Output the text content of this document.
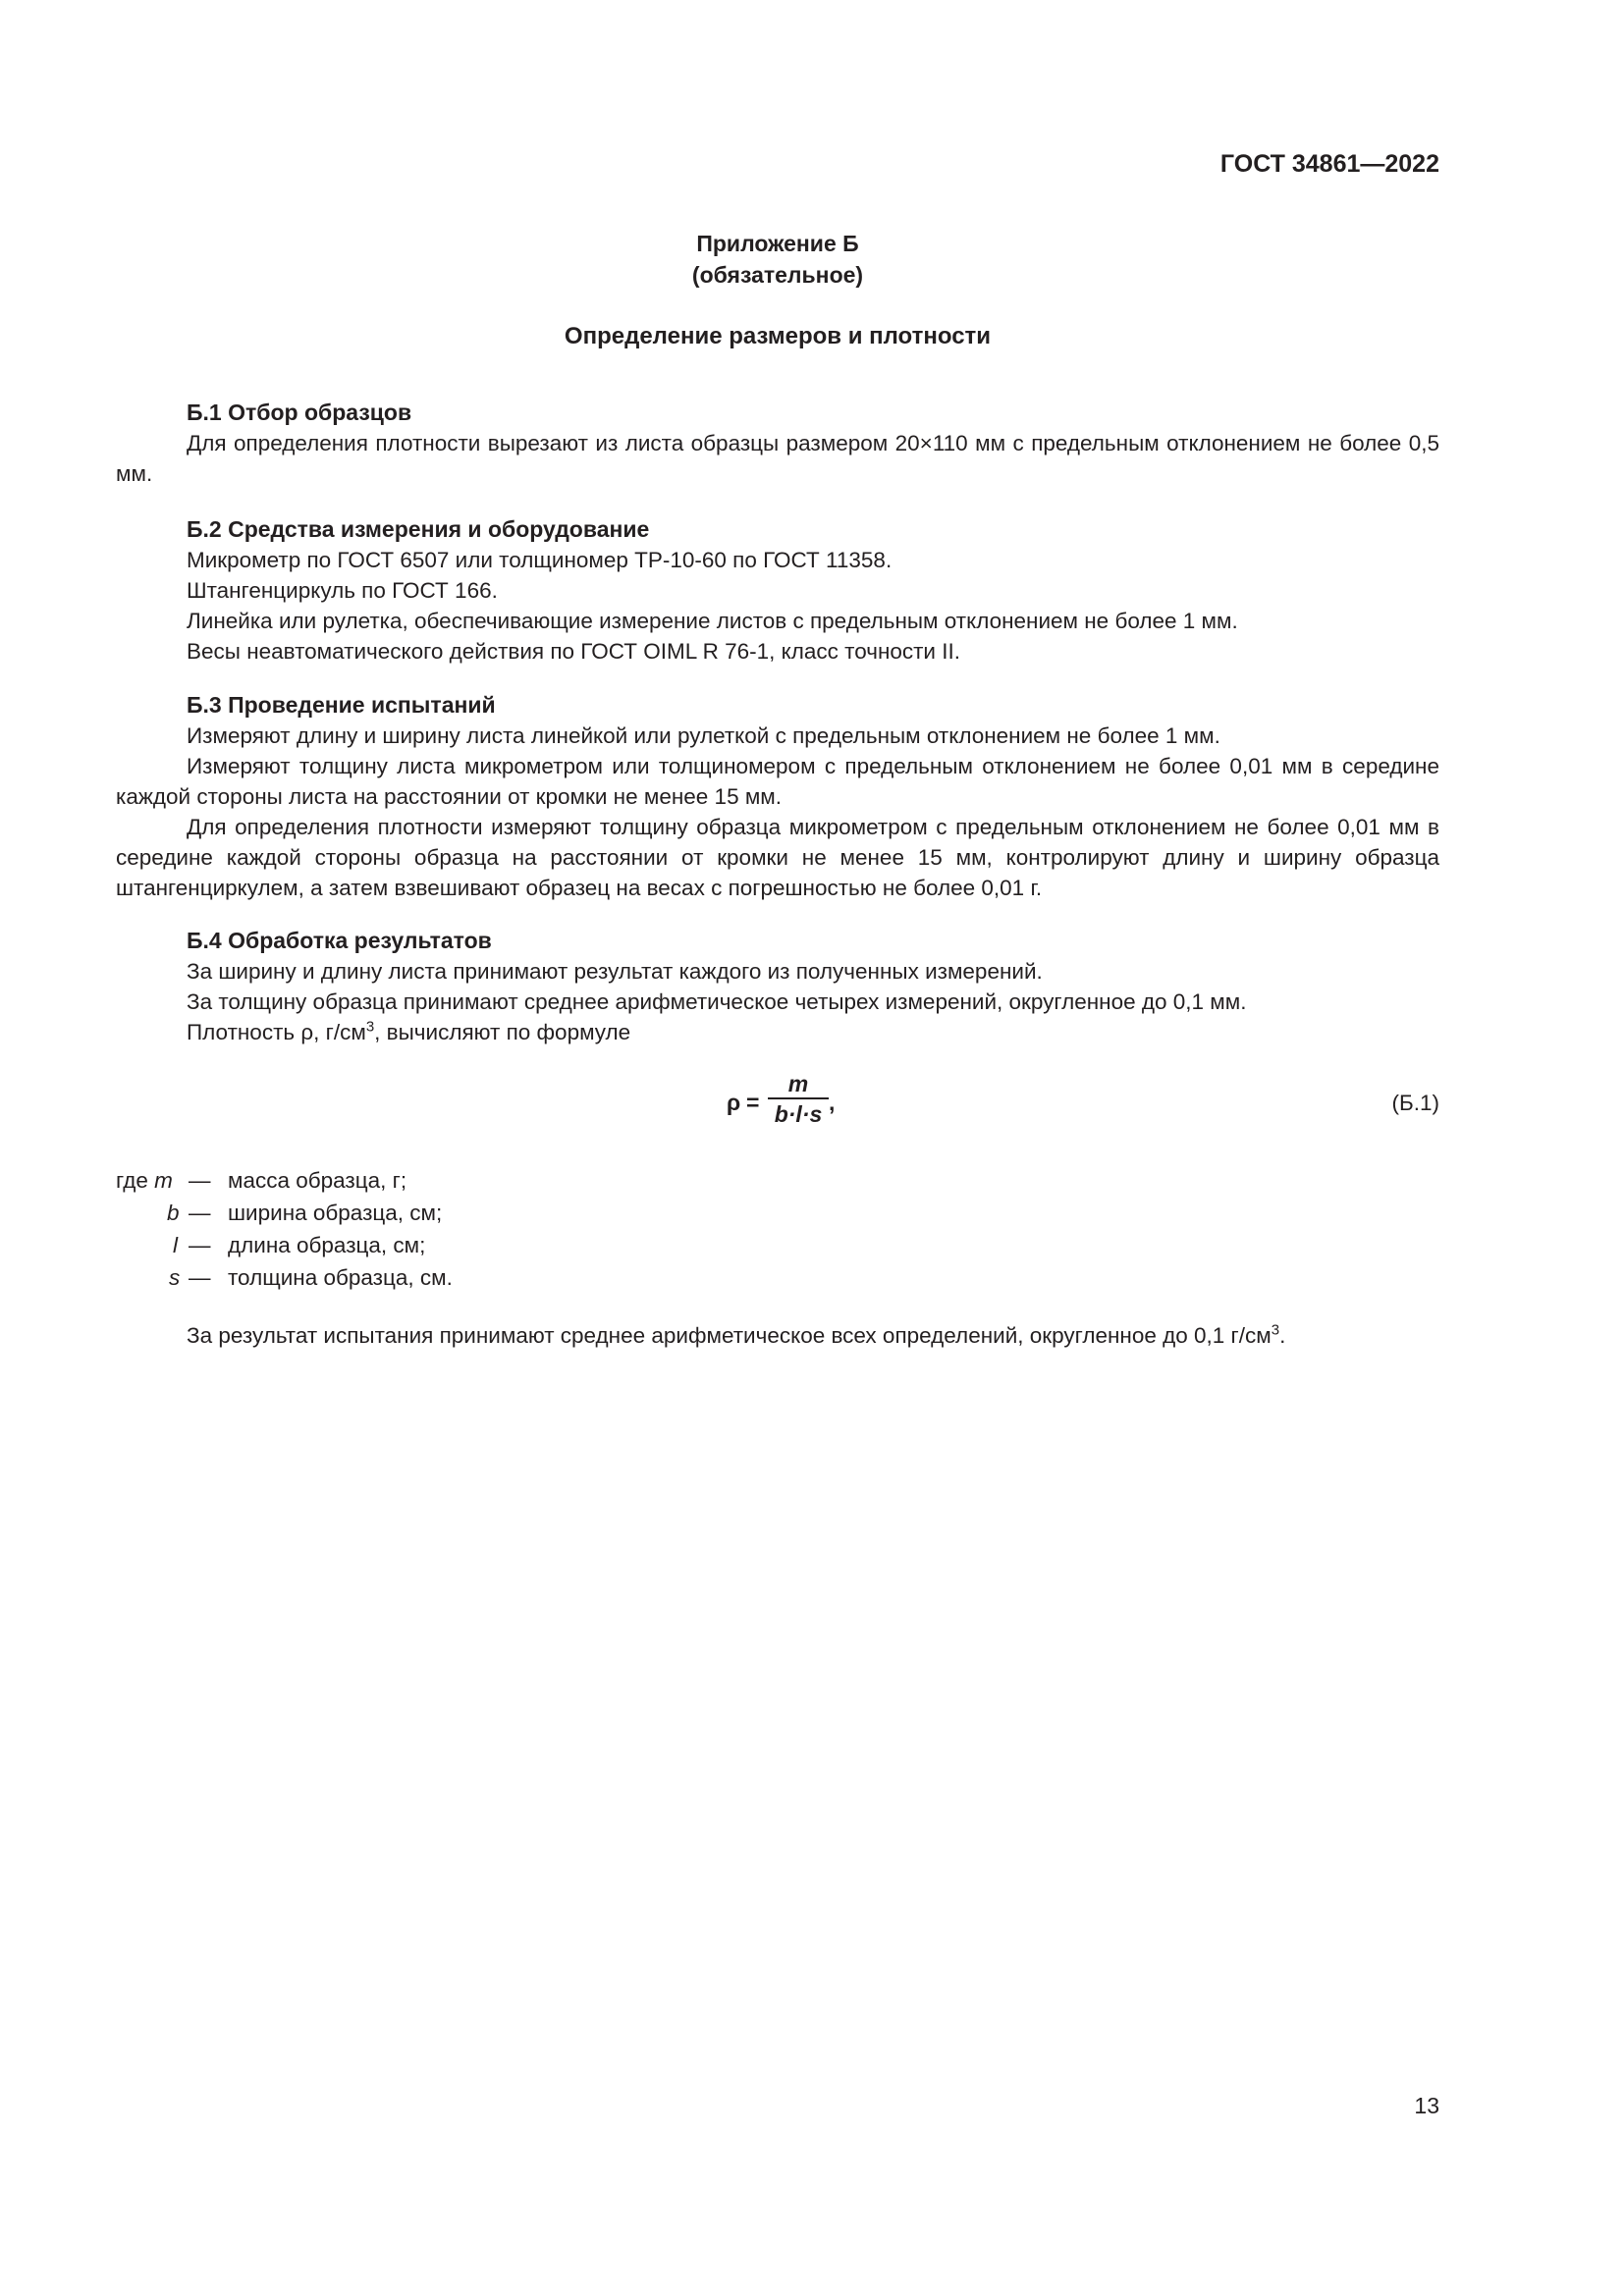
ГОСТ 34861—2022
Приложение Б
(обязательное)
Определение размеров и плотности
Б.1 Отбор образцов

Для определения плотности вырезают из листа образцы размером 20×110 мм с предельным отклонением не более 0,5 мм.

Б.2 Средства измерения и оборудование
Микрометр по ГОСТ 6507 или толщиномер ТР-10-60 по ГОСТ 11358.
Штангенциркуль по ГОСТ 166.
Линейка или рулетка, обеспечивающие измерение листов с предельным отклонением не более 1 мм.
Весы неавтоматического действия по ГОСТ OIML R 76-1, класс точности II.
Б.3 Проведение испытаний

Измеряют длину и ширину листа линейкой или рулеткой с предельным отклонением не более 1 мм.

Измеряют толщину листа микрометром или толщиномером с предельным отклонением не более 0,01 мм в середине каждой стороны листа на расстоянии от кромки не менее 15 мм.

Для определения плотности измеряют толщину образца микрометром с предельным отклонением не более 0,01 мм в середине каждой стороны образца на расстоянии от кромки не менее 15 мм, контролируют длину и ширину образца штангенциркулем, а затем взвешивают образец на весах с погрешностью не более 0,01 г.

Б.4 Обработка результатов
За ширину и длину листа принимают результат каждого из полученных измерений.
За толщину образца принимают среднее арифметическое четырех измерений, округленное до 0,1 мм.
Плотность ρ, $г/см^3$, вычисляют по формуле
ρ =
m
b·l·s ,	(Б.1)
где m — масса образца, г;
b — ширина образца, см;
l — длина образца, см;
s — толщина образца, см.
За результат испытания принимают среднее арифметическое всех определений, округленное до 0,1 $г/см^3$.
13
